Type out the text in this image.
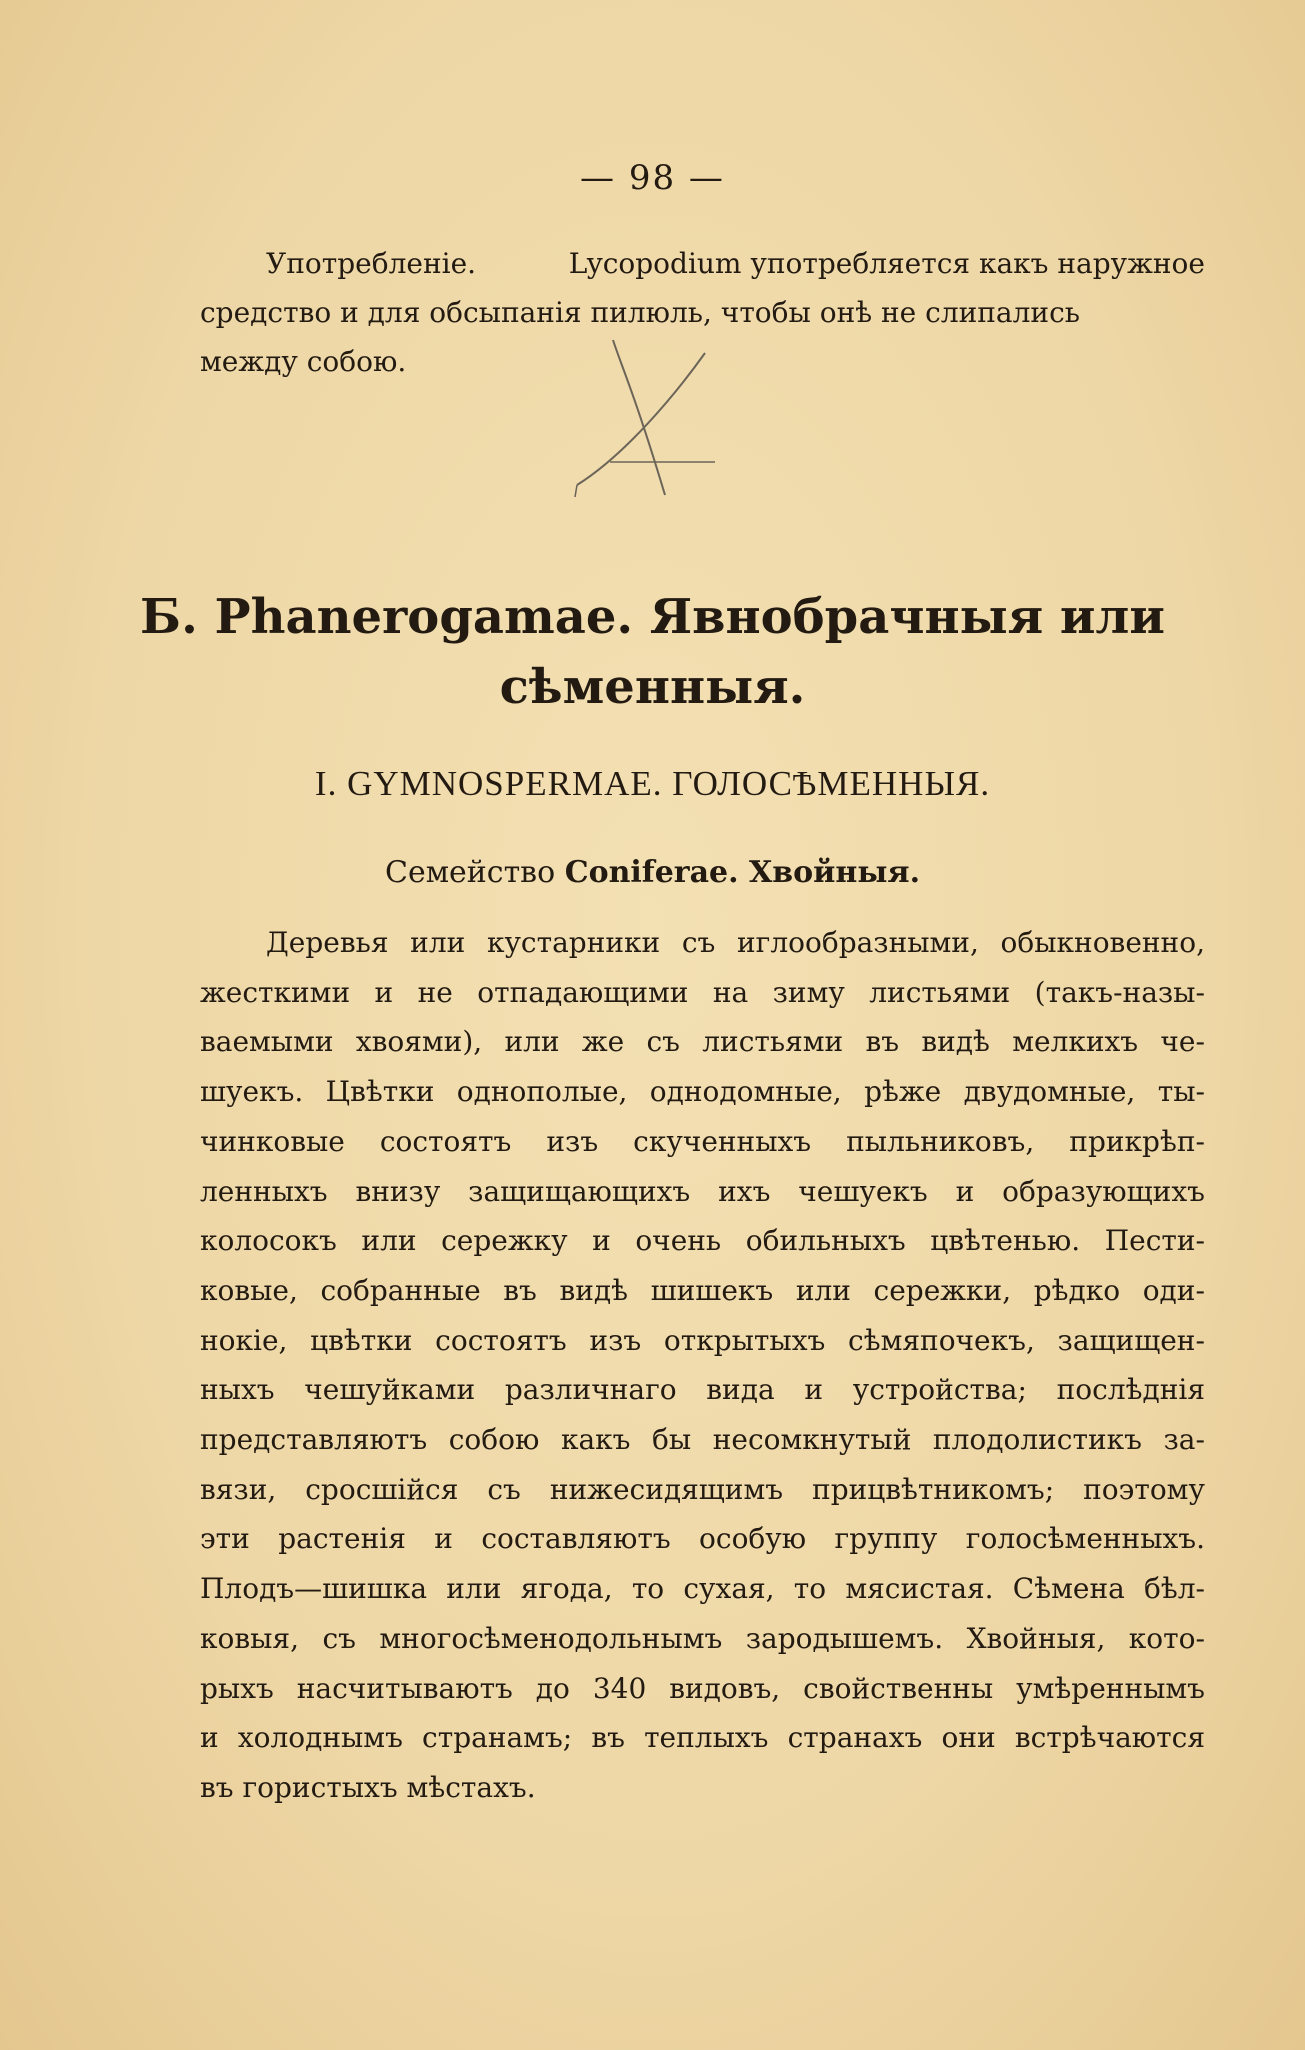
— 98 —
Употребленіе.	Lycopodium употребляется какъ наружное
средство и для обсыпанія пилюль, чтобы онѣ не слипались
между собою.
Б. Phanerogamae. Явнобрачныя или
сѣменныя.
I. GYMNOSPERMAE. ГОЛОСѢМЕННЫЯ.
Семейство Coniferae. Хвойныя.
Деревья или кустарники съ иглообразными, обыкновенно,
жесткими и не отпадающими на зиму листьями (такъ-назы-
ваемыми хвоями), или же съ листьями въ видѣ мелкихъ че-
шуекъ. Цвѣтки однополые, однодомные, рѣже двудомные, ты-
чинковые состоятъ изъ скученныхъ пыльниковъ, прикрѣп-
ленныхъ внизу защищающихъ ихъ чешуекъ и образующихъ
колосокъ или сережку и очень обильныхъ цвѣтенью. Пести-
ковые, собранные въ видѣ шишекъ или сережки, рѣдко оди-
нокіе, цвѣтки состоятъ изъ открытыхъ сѣмяпочекъ, защищен-
ныхъ чешуйками различнаго вида и устройства; послѣднія
представляютъ собою какъ бы несомкнутый плодолистикъ за-
вязи, сросшійся съ нижесидящимъ прицвѣтникомъ; поэтому
эти растенія и составляютъ особую группу голосѣменныхъ.
Плодъ—шишка или ягода, то сухая, то мясистая. Сѣмена бѣл-
ковыя, съ многосѣменодольнымъ зародышемъ. Хвойныя, кото-
рыхъ насчитываютъ до 340 видовъ, свойственны умѣреннымъ
и холоднымъ странамъ; въ теплыхъ странахъ они встрѣчаются
въ гористыхъ мѣстахъ.
